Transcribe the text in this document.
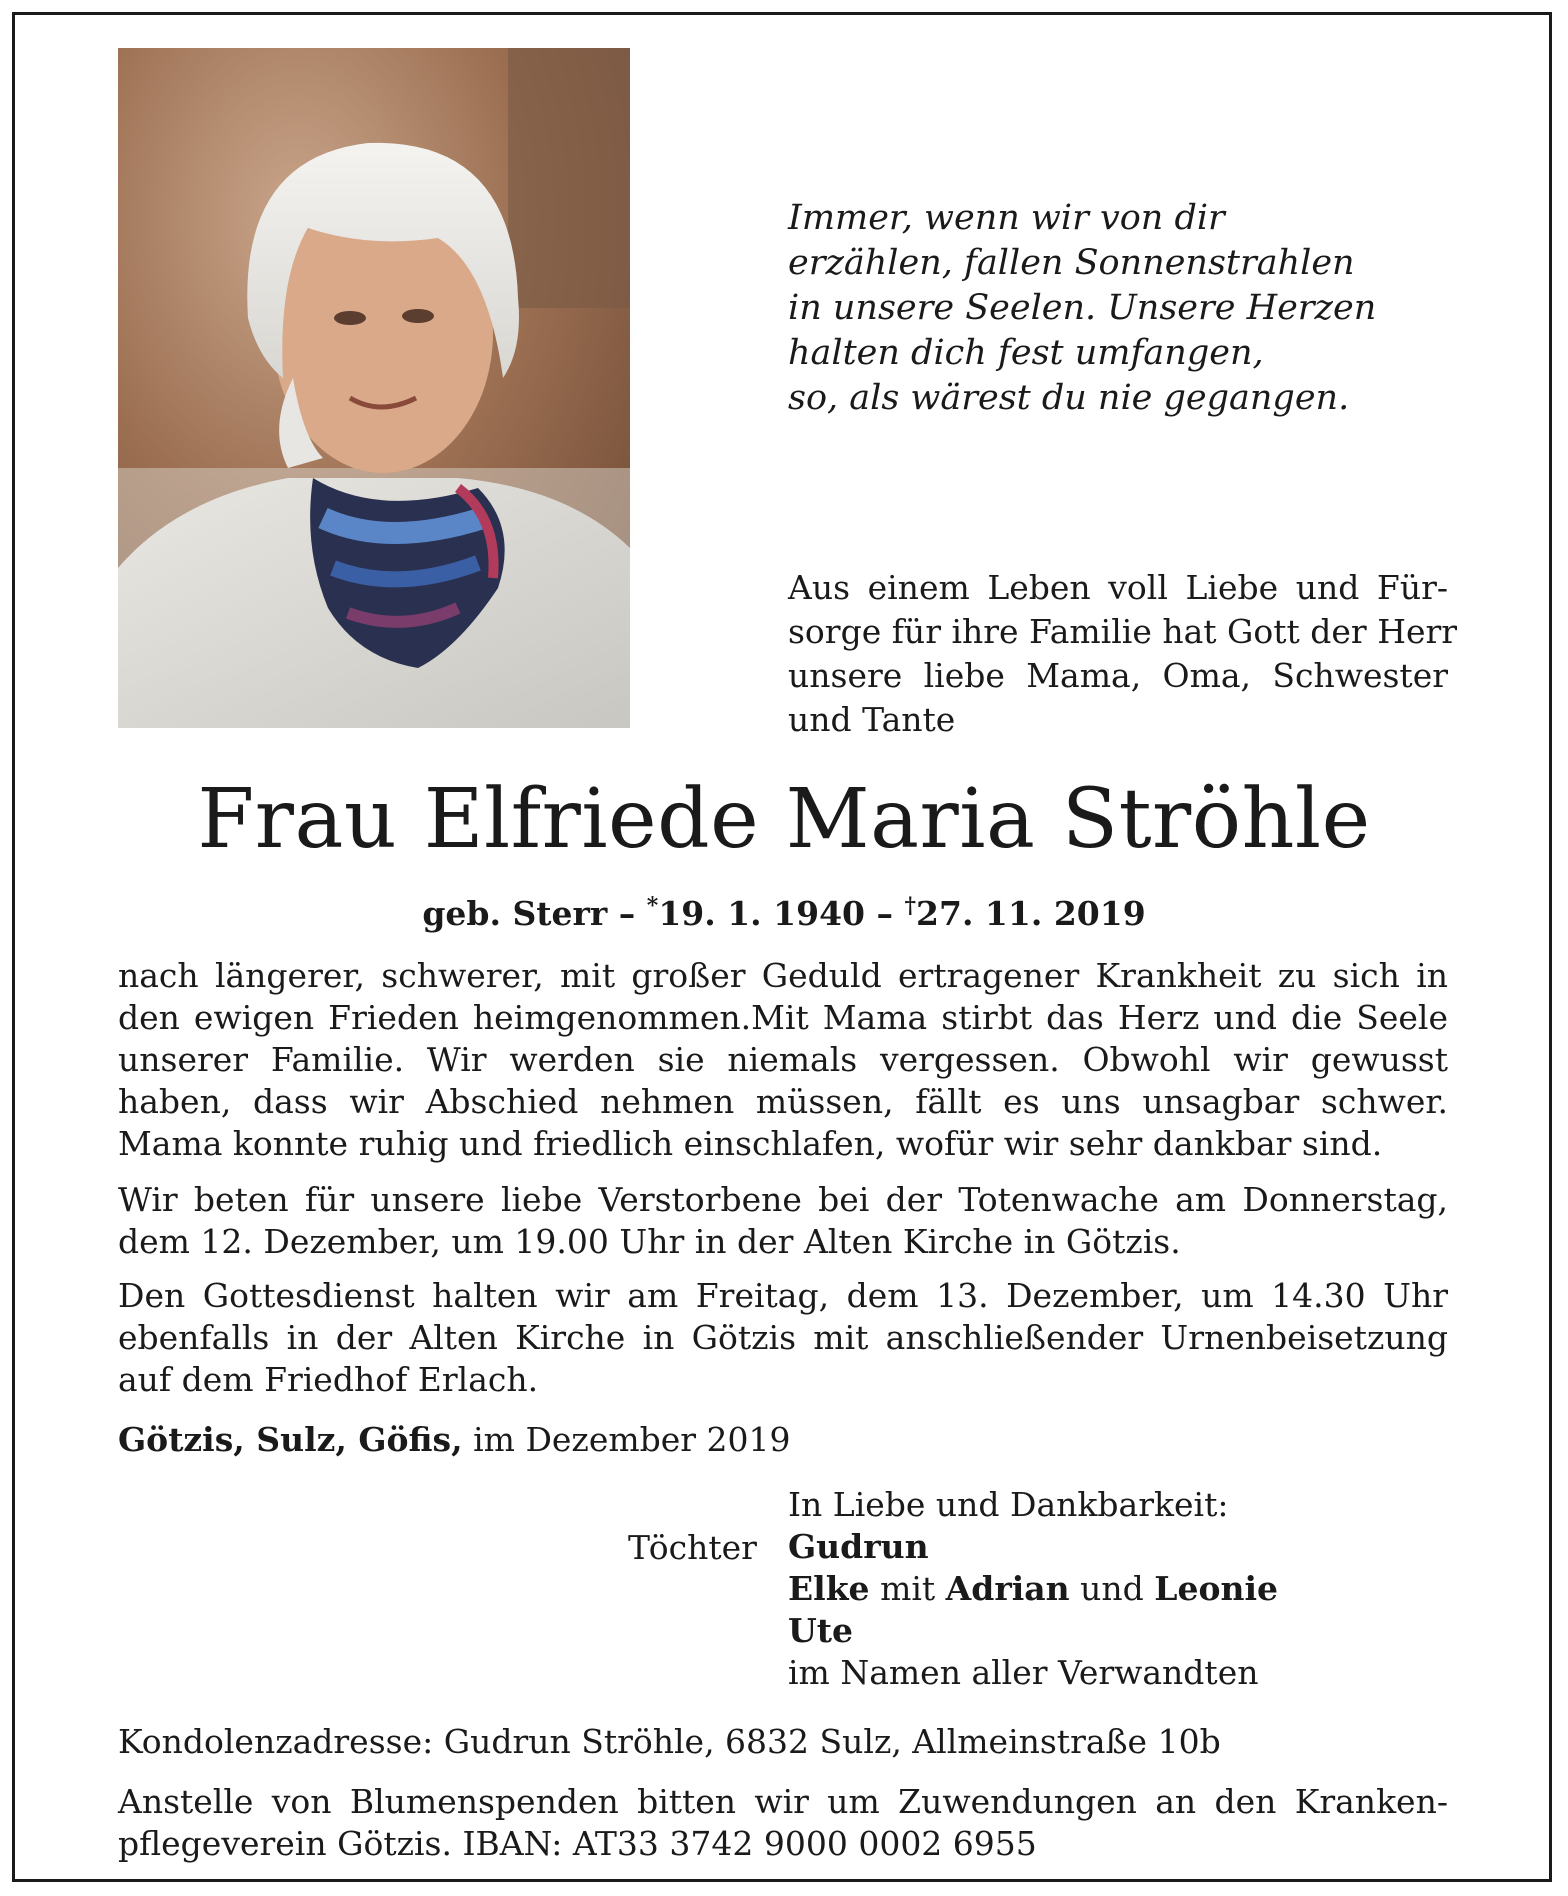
Immer, wenn wir von dir
erzählen, fallen Sonnenstrahlen
in unsere Seelen. Unsere Herzen
halten dich fest umfangen,
so, als wärest du nie gegangen.

Aus einem Leben voll Liebe und Für-
sorge für ihre Familie hat Gott der Herr
unsere liebe Mama, Oma, Schwester
und Tante

Frau Elfriede Maria Ströhle

geb. Sterr – *19. 1. 1940 – †27. 11. 2019

nach längerer, schwerer, mit großer Geduld ertragener Krankheit zu sich in
den ewigen Frieden heimgenommen.Mit Mama stirbt das Herz und die Seele
unserer Familie. Wir werden sie niemals vergessen. Obwohl wir gewusst
haben, dass wir Abschied nehmen müssen, fällt es uns unsagbar schwer.
Mama konnte ruhig und friedlich einschlafen, wofür wir sehr dankbar sind.

Wir beten für unsere liebe Verstorbene bei der Totenwache am Donnerstag,
dem 12. Dezember, um 19.00 Uhr in der Alten Kirche in Götzis.

Den Gottesdienst halten wir am Freitag, dem 13. Dezember, um 14.30 Uhr
ebenfalls in der Alten Kirche in Götzis mit anschließender Urnenbeisetzung
auf dem Friedhof Erlach.

Götzis, Sulz, Göfis, im Dezember 2019

Töchter

In Liebe und Dankbarkeit:
Gudrun
Elke mit Adrian und Leonie
Ute
im Namen aller Verwandten

Kondolenzadresse: Gudrun Ströhle, 6832 Sulz, Allmeinstraße 10b

Anstelle von Blumenspenden bitten wir um Zuwendungen an den Kranken-
pflegeverein Götzis. IBAN: AT33 3742 9000 0002 6955
